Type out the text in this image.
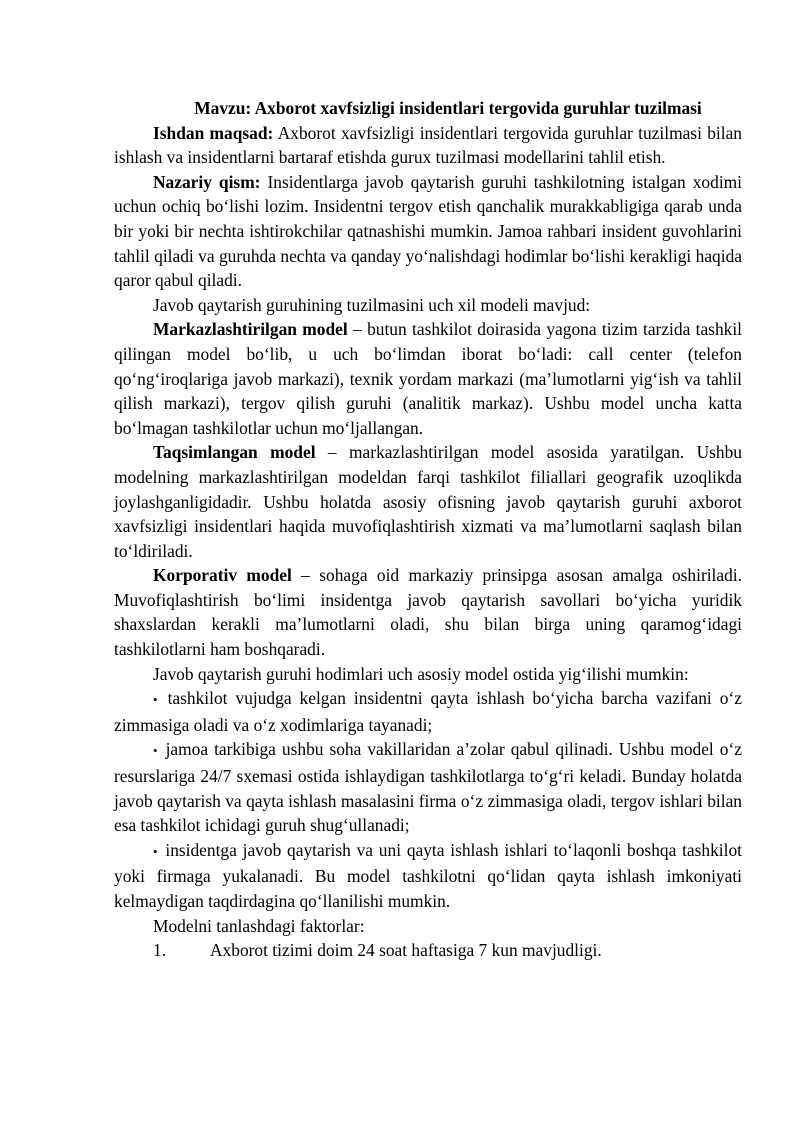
Mavzu: Axborot xavfsizligi insidentlari tergovida guruhlar tuzilmasi

Ishdan maqsad: Axborot xavfsizligi insidentlari tergovida guruhlar tuzilmasi bilan ishlash va insidentlarni bartaraf etishda gurux tuzilmasi modellarini tahlil etish.

Nazariy qism: Insidentlarga javob qaytarish guruhi tashkilotning istalgan xodimi uchun ochiq bo‘lishi lozim. Insidentni tergov etish qanchalik murakkabligiga qarab unda bir yoki bir nechta ishtirokchilar qatnashishi mumkin. Jamoa rahbari insident guvohlarini tahlil qiladi va guruhda nechta va qanday yo‘nalishdagi hodimlar bo‘lishi kerakligi haqida qaror qabul qiladi.

Javob qaytarish guruhining tuzilmasini uch xil modeli mavjud:

Markazlashtirilgan model – butun tashkilot doirasida yagona tizim tarzida tashkil qilingan model bo‘lib, u uch bo‘limdan iborat bo‘ladi: call center (telefon qo‘ng‘iroqlariga javob markazi), texnik yordam markazi (ma’lumotlarni yig‘ish va tahlil qilish markazi), tergov qilish guruhi (analitik markaz). Ushbu model uncha katta bo‘lmagan tashkilotlar uchun mo‘ljallangan.

Taqsimlangan model – markazlashtirilgan model asosida yaratilgan. Ushbu modelning markazlashtirilgan modeldan farqi tashkilot filiallari geografik uzoqlikda joylashganligidadir. Ushbu holatda asosiy ofisning javob qaytarish guruhi axborot xavfsizligi insidentlari haqida muvofiqlashtirish xizmati va ma’lumotlarni saqlash bilan to‘ldiriladi.

Korporativ model – sohaga oid markaziy prinsipga asosan amalga oshiriladi. Muvofiqlashtirish bo‘limi insidentga javob qaytarish savollari bo‘yicha yuridik shaxslardan kerakli ma’lumotlarni oladi, shu bilan birga uning qaramog‘idagi tashkilotlarni ham boshqaradi.

Javob qaytarish guruhi hodimlari uch asosiy model ostida yig‘ilishi mumkin:

• tashkilot vujudga kelgan insidentni qayta ishlash bo‘yicha barcha vazifani o‘z zimmasiga oladi va o‘z xodimlariga tayanadi;

• jamoa tarkibiga ushbu soha vakillaridan a’zolar qabul qilinadi. Ushbu model o‘z resurslariga 24/7 sxemasi ostida ishlaydigan tashkilotlarga to‘g‘ri keladi. Bunday holatda javob qaytarish va qayta ishlash masalasini firma o‘z zimmasiga oladi, tergov ishlari bilan esa tashkilot ichidagi guruh shug‘ullanadi;

• insidentga javob qaytarish va uni qayta ishlash ishlari to‘laqonli boshqa tashkilot yoki firmaga yukalanadi. Bu model tashkilotni qo‘lidan qayta ishlash imkoniyati kelmaydigan taqdirdagina qo‘llanilishi mumkin.

Modelni tanlashdagi faktorlar:

1.	Axborot tizimi doim 24 soat haftasiga 7 kun mavjudligi.
